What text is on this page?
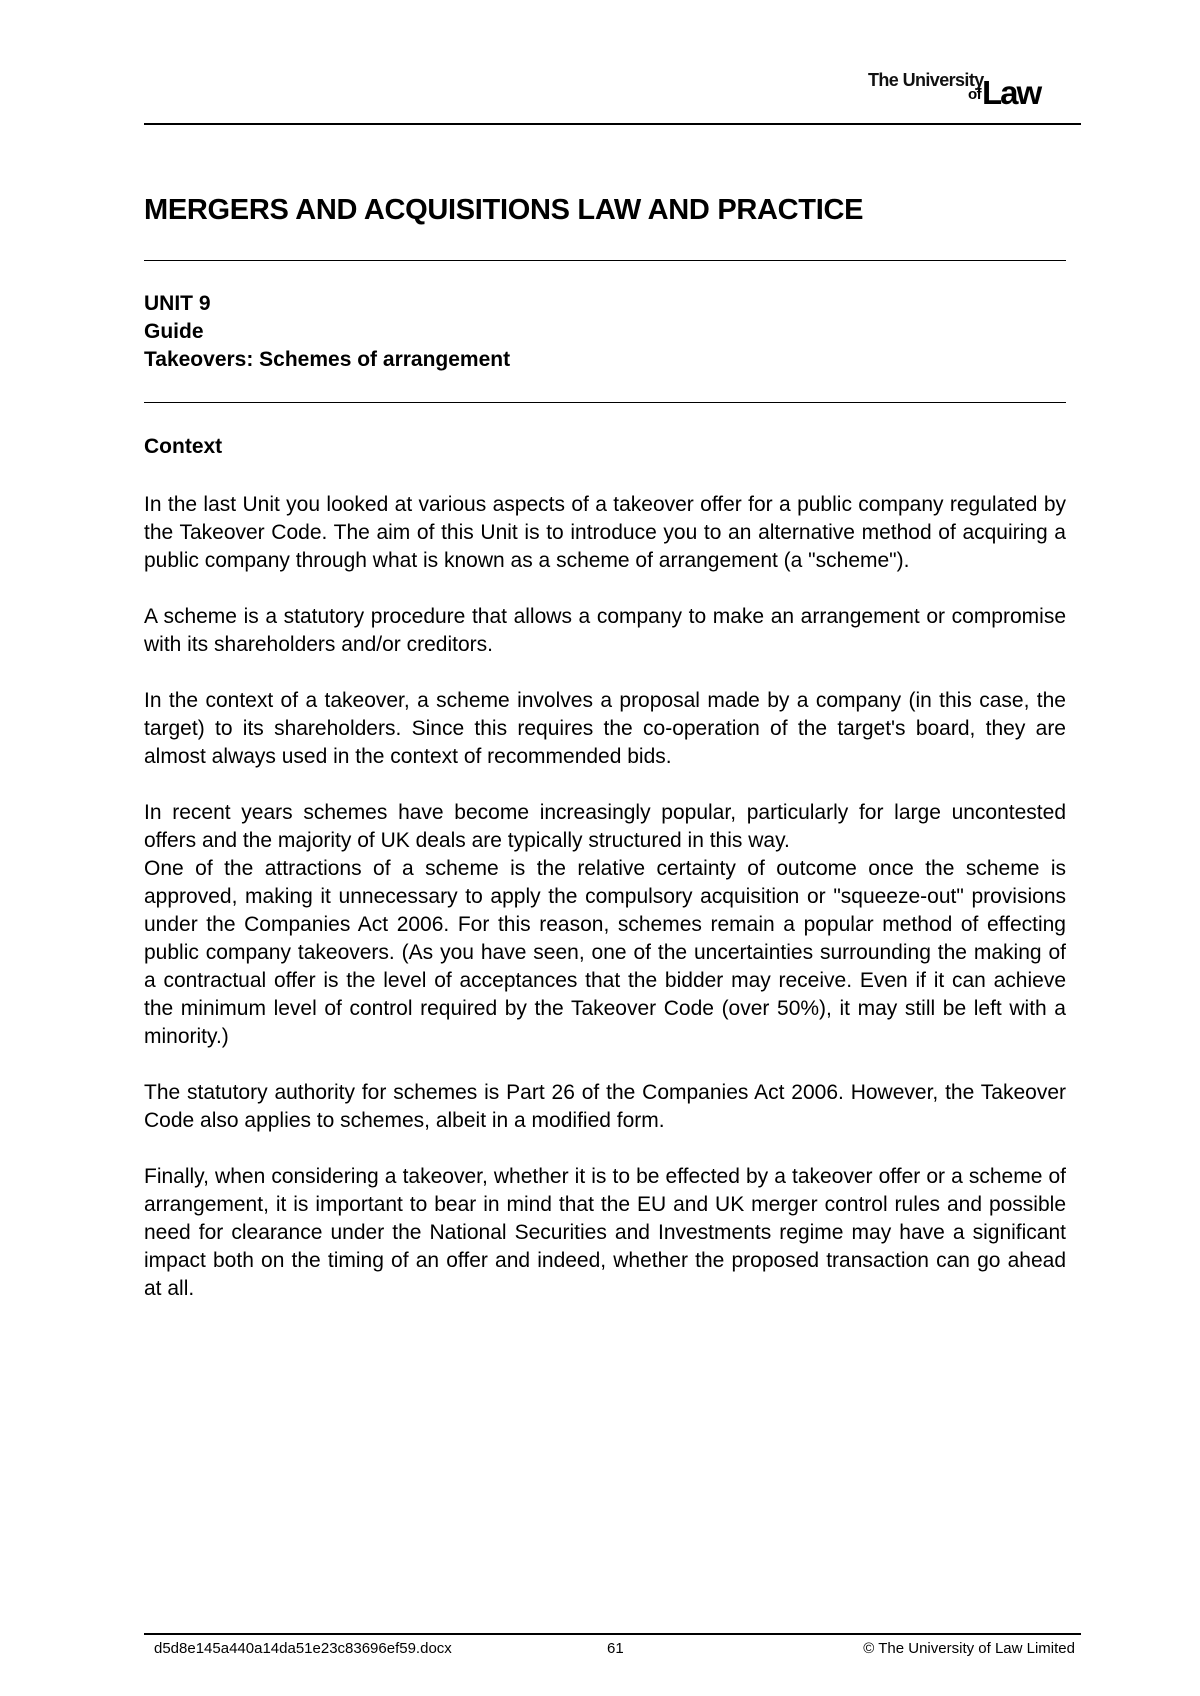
The University
of Law
MERGERS AND ACQUISITIONS LAW AND PRACTICE
UNIT 9
Guide
Takeovers: Schemes of arrangement
Context

In the last Unit you looked at various aspects of a takeover offer for a public company regulated by the Takeover Code. The aim of this Unit is to introduce you to an alternative method of acquiring a public company through what is known as a scheme of arrangement (a "scheme").

A scheme is a statutory procedure that allows a company to make an arrangement or compromise with its shareholders and/or creditors.

In the context of a takeover, a scheme involves a proposal made by a company (in this case, the target) to its shareholders. Since this requires the co-operation of the target's board, they are almost always used in the context of recommended bids.

In recent years schemes have become increasingly popular, particularly for large uncontested offers and the majority of UK deals are typically structured in this way.

One of the attractions of a scheme is the relative certainty of outcome once the scheme is approved, making it unnecessary to apply the compulsory acquisition or "squeeze-out" provisions under the Companies Act 2006. For this reason, schemes remain a popular method of effecting public company takeovers. (As you have seen, one of the uncertainties surrounding the making of a contractual offer is the level of acceptances that the bidder may receive. Even if it can achieve the minimum level of control required by the Takeover Code (over 50%), it may still be left with a minority.)

The statutory authority for schemes is Part 26 of the Companies Act 2006. However, the Takeover Code also applies to schemes, albeit in a modified form.

Finally, when considering a takeover, whether it is to be effected by a takeover offer or a scheme of arrangement, it is important to bear in mind that the EU and UK merger control rules and possible need for clearance under the National Securities and Investments regime may have a significant impact both on the timing of an offer and indeed, whether the proposed transaction can go ahead at all.

d5d8e145a440a14da51e23c83696ef59.docx	61	© The University of Law Limited
